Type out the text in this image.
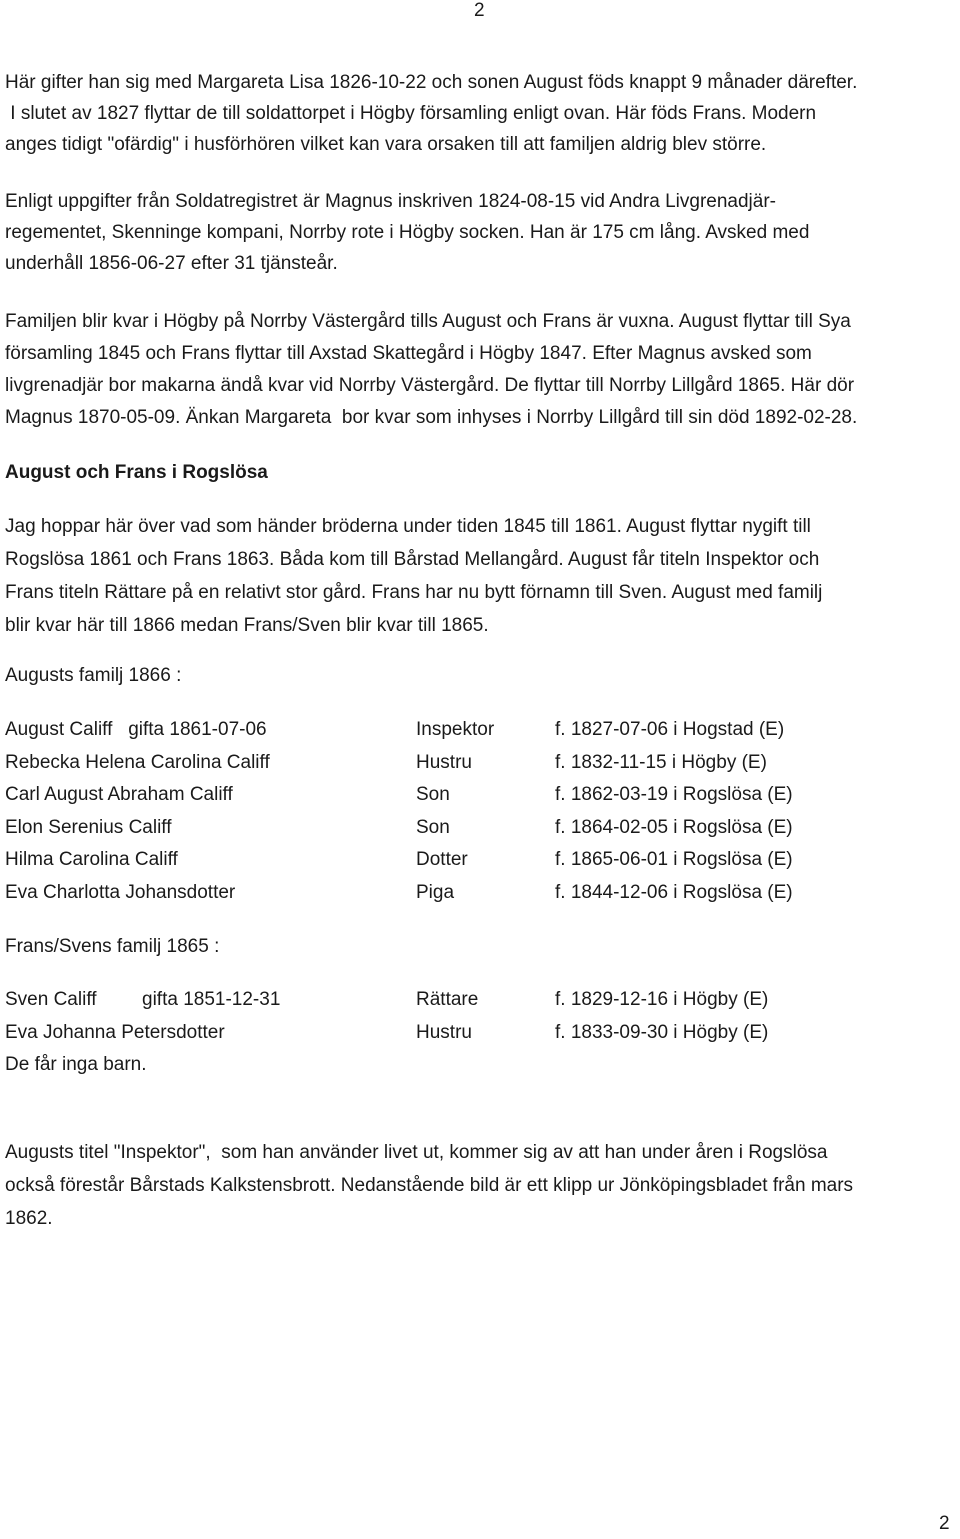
2
Här gifter han sig med Margareta Lisa 1826-10-22 och sonen August föds knappt 9 månader därefter.
I slutet av 1827 flyttar de till soldattorpet i Högby församling enligt ovan. Här föds Frans. Modern
anges tidigt "ofärdig" i husförhören vilket kan vara orsaken till att familjen aldrig blev större.
Enligt uppgifter från Soldatregistret är Magnus inskriven 1824-08-15 vid Andra Livgrenadjär-
regementet, Skenninge kompani, Norrby rote i Högby socken. Han är 175 cm lång. Avsked med
underhåll 1856-06-27 efter 31 tjänsteår.
Familjen blir kvar i Högby på Norrby Västergård tills August och Frans är vuxna. August flyttar till Sya
församling 1845 och Frans flyttar till Axstad Skattegård i Högby 1847. Efter Magnus avsked som
livgrenadjär bor makarna ändå kvar vid Norrby Västergård. De flyttar till Norrby Lillgård 1865. Här dör
Magnus 1870-05-09. Änkan Margareta  bor kvar som inhyses i Norrby Lillgård till sin död 1892-02-28.
August och Frans i Rogslösa
Jag hoppar här över vad som händer bröderna under tiden 1845 till 1861. August flyttar nygift till
Rogslösa 1861 och Frans 1863. Båda kom till Bårstad Mellangård. August får titeln Inspektor och
Frans titeln Rättare på en relativt stor gård. Frans har nu bytt förnamn till Sven. August med familj
blir kvar här till 1866 medan Frans/Sven blir kvar till 1865.
Augusts familj 1866 :
August Califf   gifta 1861-07-06	Inspektor	f. 1827-07-06 i Hogstad (E)
Rebecka Helena Carolina Califf	Hustru	f. 1832-11-15 i Högby (E)
Carl August Abraham Califf	Son	f. 1862-03-19 i Rogslösa (E)
Elon Serenius Califf	Son	f. 1864-02-05 i Rogslösa (E)
Hilma Carolina Califf	Dotter	f. 1865-06-01 i Rogslösa (E)
Eva Charlotta Johansdotter	Piga	f. 1844-12-06 i Rogslösa (E)
Frans/Svens familj 1865 :
Sven Califf gifta 1851-12-31	Rättare	f. 1829-12-16 i Högby (E)
Eva Johanna Petersdotter	Hustru	f. 1833-09-30 i Högby (E)
De får inga barn.
Augusts titel "Inspektor",  som han använder livet ut, kommer sig av att han under åren i Rogslösa
också förestår Bårstads Kalkstensbrott. Nedanstående bild är ett klipp ur Jönköpingsbladet från mars
1862.
2
